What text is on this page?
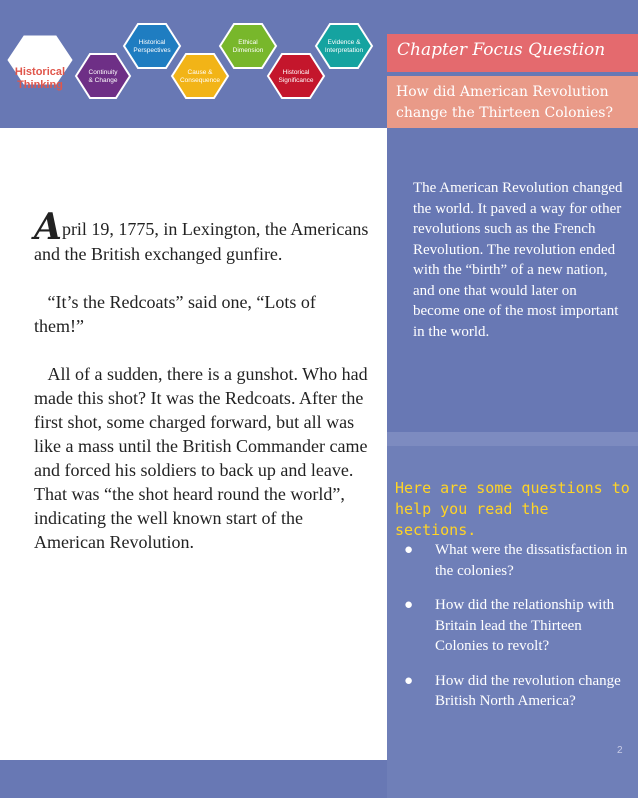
Historical
Thinking
Continuity
& Change
Historical
Perspectives
Cause &
Consequence
Ethical
Dimension
Historical
Significance
Evidence &
Interpretation Chapter Focus Question
How did American Revolution change the Thirteen Colonies?

April 19, 1775, in Lexington, the Americans and the British exchanged gunfire.

“It’s the Redcoats” said one, “Lots of them!”

All of a sudden, there is a gunshot. Who had made this shot? It was the Redcoats. After the first shot, some charged forward, but all was like a mass until the British Commander came and forced his soldiers to back up and leave. That was “the shot heard round the world”, indicating the well known start of the American Revolution.

The American Revolution changed the world. It paved a way for other revolutions such as the French Revolution. The revolution ended with the “birth” of a new nation, and one that would later on become one of the most important in the world.
Here are some questions to help you read the sections.
● What were the dissatisfaction in the colonies?
● How did the relationship with Britain lead the Thirteen Colonies to revolt?
● How did the revolution change British North America?
2
